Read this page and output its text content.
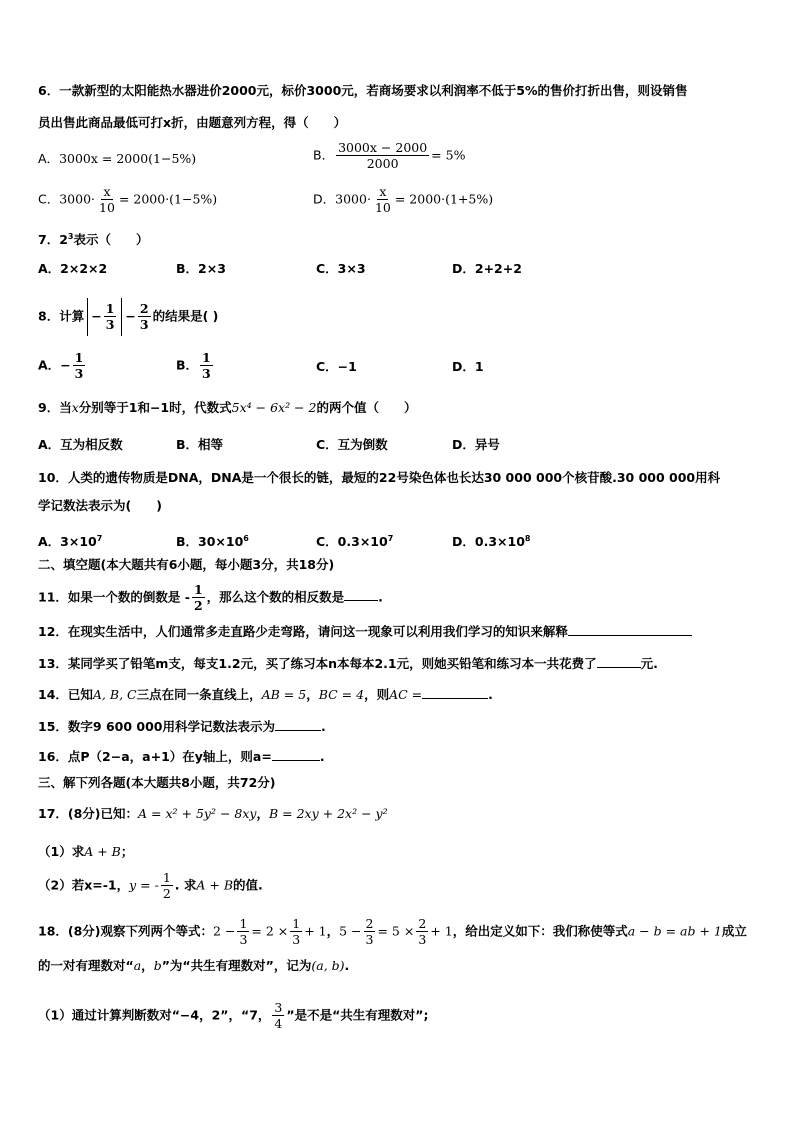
6．一款新型的太阳能热水器进价2000元，标价3000元，若商场要求以利润率不低于5%的售价打折出售，则设销售
员出售此商品最低可打x折，由题意列方程，得（　　）
A．3000x = 2000(1−5%)	B． $\frac{3000x - 2000}{2000} = 5\%$
C．$3000\cdot \frac{x}{10} = 2000\cdot(1-5\%)$	D．$3000\cdot \frac{x}{10} = 2000\cdot(1+5\%)$
7．$2^3$表示（　　）
A．2×2×2	B．2×3	C．3×3	D．2+2+2
8．计算 − $\frac{1}{3} - \frac{2}{3}$ 的结果是( )
A．− $\frac{1}{3}$	B． $\frac{1}{3}$	C．−1	D．1
9．当x分别等于1和−1时，代数式5x⁴ − 6x² − 2的两个值（　　）
A．互为相反数	B．相等	C．互为倒数	D．异号
10．人类的遗传物质是DNA，DNA是一个很长的链，最短的22号染色体也长达30 000 000个核苷酸.30 000 000用科
学记数法表示为(　　)
A．$3\times 10^7$	B．$30\times 10^6$	C．$0.3\times 10^7$	D．$0.3\times 10^8$
二、填空题(本大题共有6小题，每小题3分，共18分)
11．如果一个数的倒数是 - $\frac{1}{2}$ ，那么这个数的相反数是	.
12．在现实生活中，人们通常多走直路少走弯路，请问这一现象可以利用我们学习的知识来解释
13．某同学买了铅笔m支，每支1.2元，买了练习本n本每本2.1元，则她买铅笔和练习本一共花费了	元.
14．已知A, B, C三点在同一条直线上，AB = 5，BC = 4，则AC =	.
15．数字9 600 000用科学记数法表示为	.
16．点P（2−a，a+1）在y轴上，则a=	.
三、解下列各题(本大题共8小题，共72分)
17．(8分)已知：A = x² + 5y² − 8xy，B = 2xy + 2x² − y²
（1）求A + B；
（2）若x=-1，y = - $\frac{1}{2}$ . 求A + B的值.
18．(8分)观察下列两个等式：$2 - \frac{1}{3} = 2 \times \frac{1}{3} + 1$，$5 - \frac{2}{3} = 5 \times \frac{2}{3} + 1$，给出定义如下：我们称使等式a − b = ab + 1成立
的一对有理数对“a，b”为“共生有理数对”，记为(a, b).
（1）通过计算判断数对“−4，2”，“7， $\frac{3}{4}$ ”是不是“共生有理数对”;
